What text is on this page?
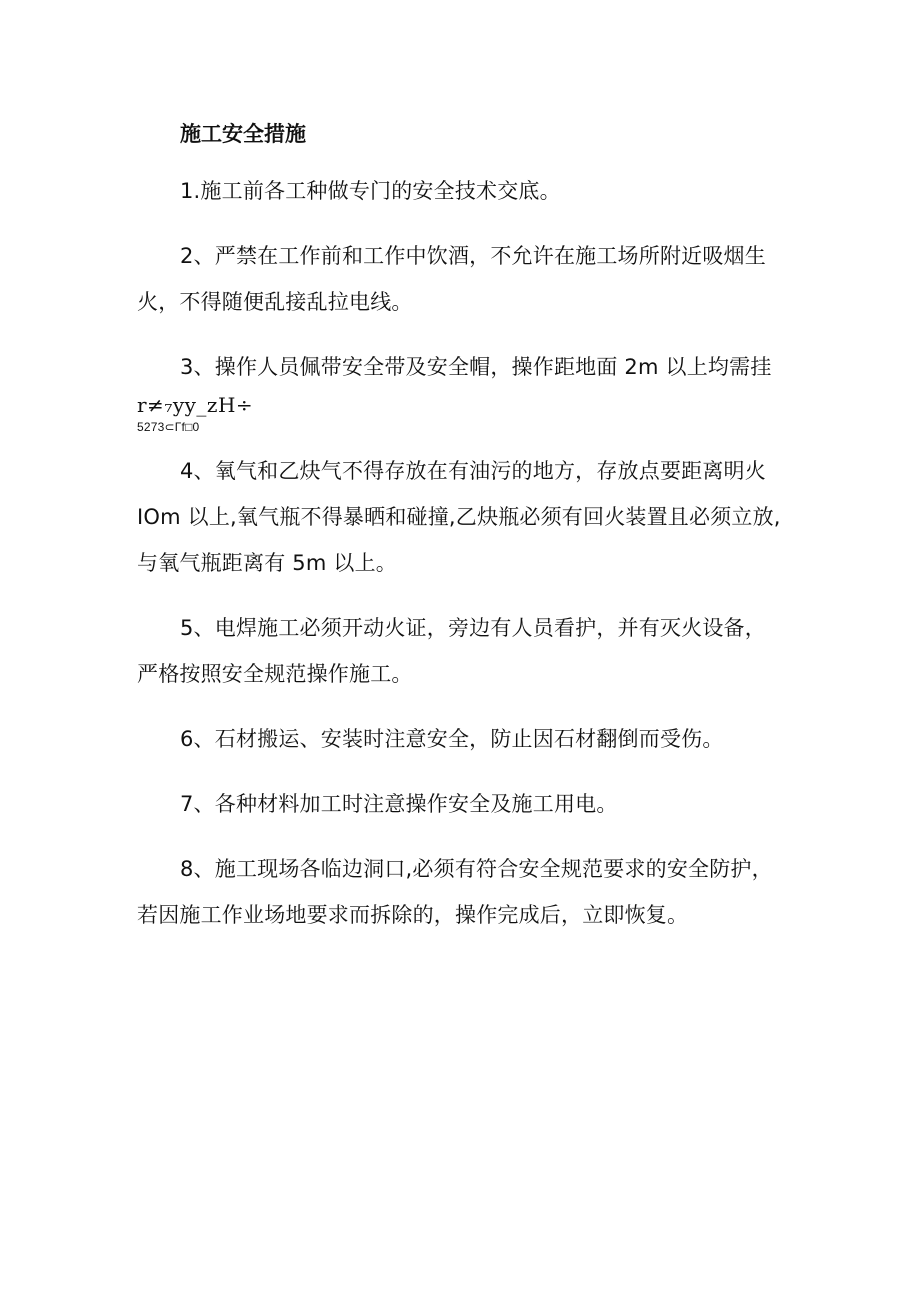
施工安全措施
1.施工前各工种做专门的安全技术交底。
2、严禁在工作前和工作中饮酒，不允许在施工场所附近吸烟生
火，不得随便乱接乱拉电线。
3、操作人员佩带安全带及安全帽，操作距地面 2m 以上均需挂
r≠₇yy_zH÷
5273⊂Γf□0
4、氧气和乙炔气不得存放在有油污的地方，存放点要距离明火
IOm 以上,氧气瓶不得暴晒和碰撞,乙炔瓶必须有回火装置且必须立放,
与氧气瓶距离有 5m 以上。
5、电焊施工必须开动火证，旁边有人员看护，并有灭火设备，
严格按照安全规范操作施工。
6、石材搬运、安装时注意安全，防止因石材翻倒而受伤。
7、各种材料加工时注意操作安全及施工用电。
8、施工现场各临边洞口,必须有符合安全规范要求的安全防护，
若因施工作业场地要求而拆除的，操作完成后，立即恢复。
